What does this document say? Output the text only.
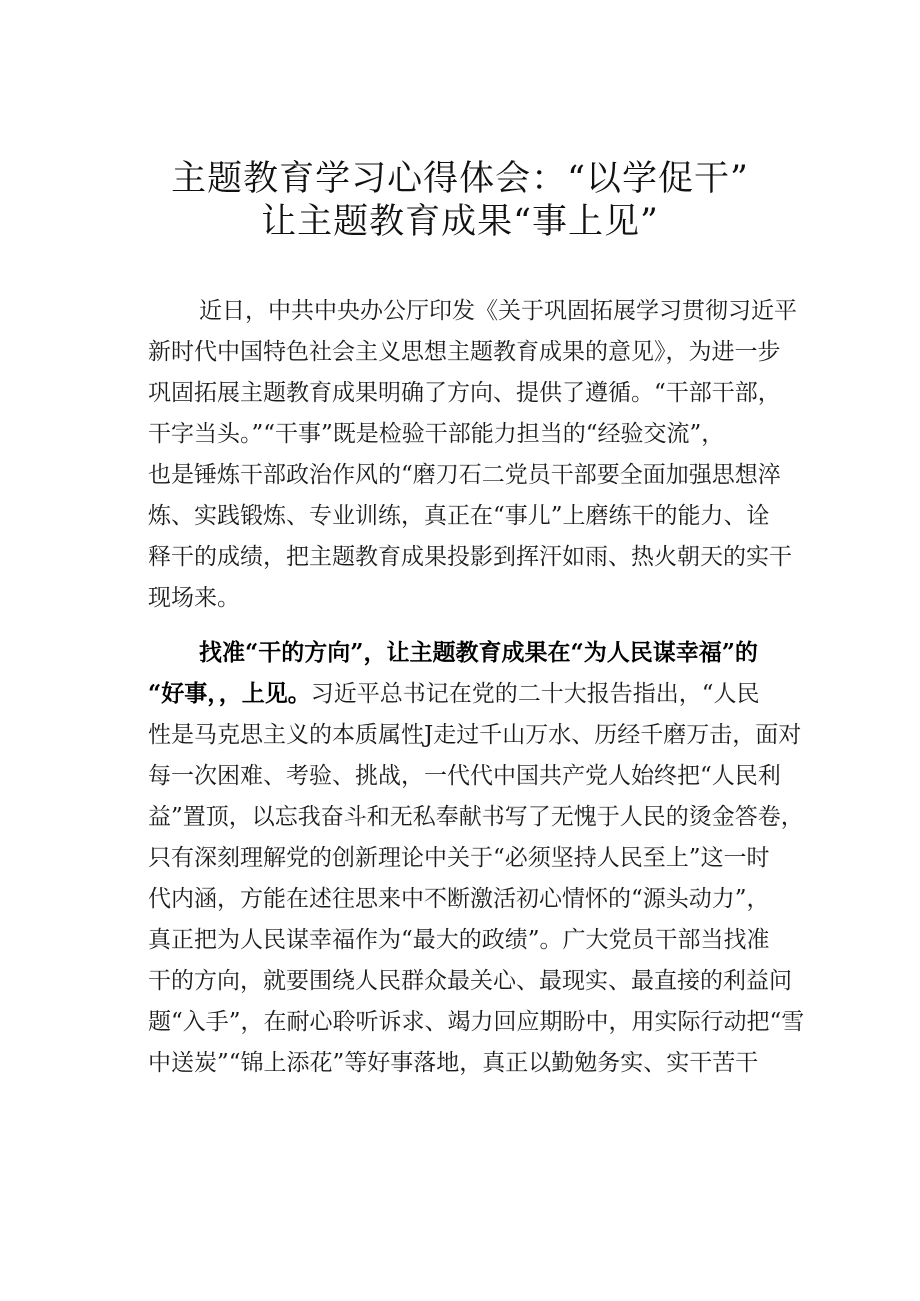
主题教育学习心得体会：“以学促干”
让主题教育成果“事上见”
近日，中共中央办公厅印发《关于巩固拓展学习贯彻习近平
新时代中国特色社会主义思想主题教育成果的意见》，为进一步
巩固拓展主题教育成果明确了方向、提供了遵循。“干部干部，
干字当头。”“干事”既是检验干部能力担当的“经验交流”，
也是锤炼干部政治作风的“磨刀石二党员干部要全面加强思想淬
炼、实践锻炼、专业训练，真正在“事儿”上磨练干的能力、诠
释干的成绩，把主题教育成果投影到挥汗如雨、热火朝天的实干
现场来。
找准“干的方向”，让主题教育成果在“为人民谋幸福”的
“好事，，上见。习近平总书记在党的二十大报告指出，“人民
性是马克思主义的本质属性J走过千山万水、历经千磨万击，面对
每一次困难、考验、挑战，一代代中国共产党人始终把“人民利
益”置顶，以忘我奋斗和无私奉献书写了无愧于人民的烫金答卷，
只有深刻理解党的创新理论中关于“必须坚持人民至上”这一时
代内涵，方能在述往思来中不断激活初心情怀的“源头动力”，
真正把为人民谋幸福作为“最大的政绩”。广大党员干部当找准
干的方向，就要围绕人民群众最关心、最现实、最直接的利益问
题“入手”，在耐心聆听诉求、竭力回应期盼中，用实际行动把“雪
中送炭”“锦上添花”等好事落地，真正以勤勉务实、实干苦干
